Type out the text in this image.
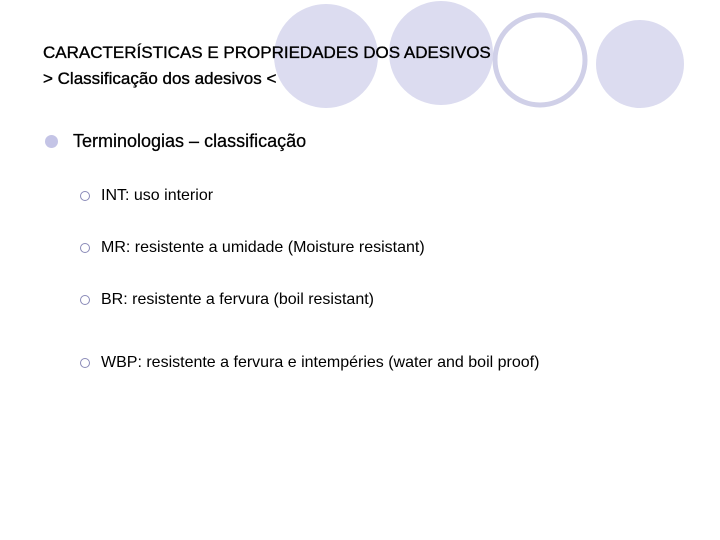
CARACTERÍSTICAS E PROPRIEDADES DOS ADESIVOS
> Classificação dos adesivos <
Terminologias – classificação
INT: uso interior
MR: resistente a umidade (Moisture resistant)
BR: resistente a fervura (boil resistant)
WBP: resistente a fervura e intempéries (water and boil proof)
